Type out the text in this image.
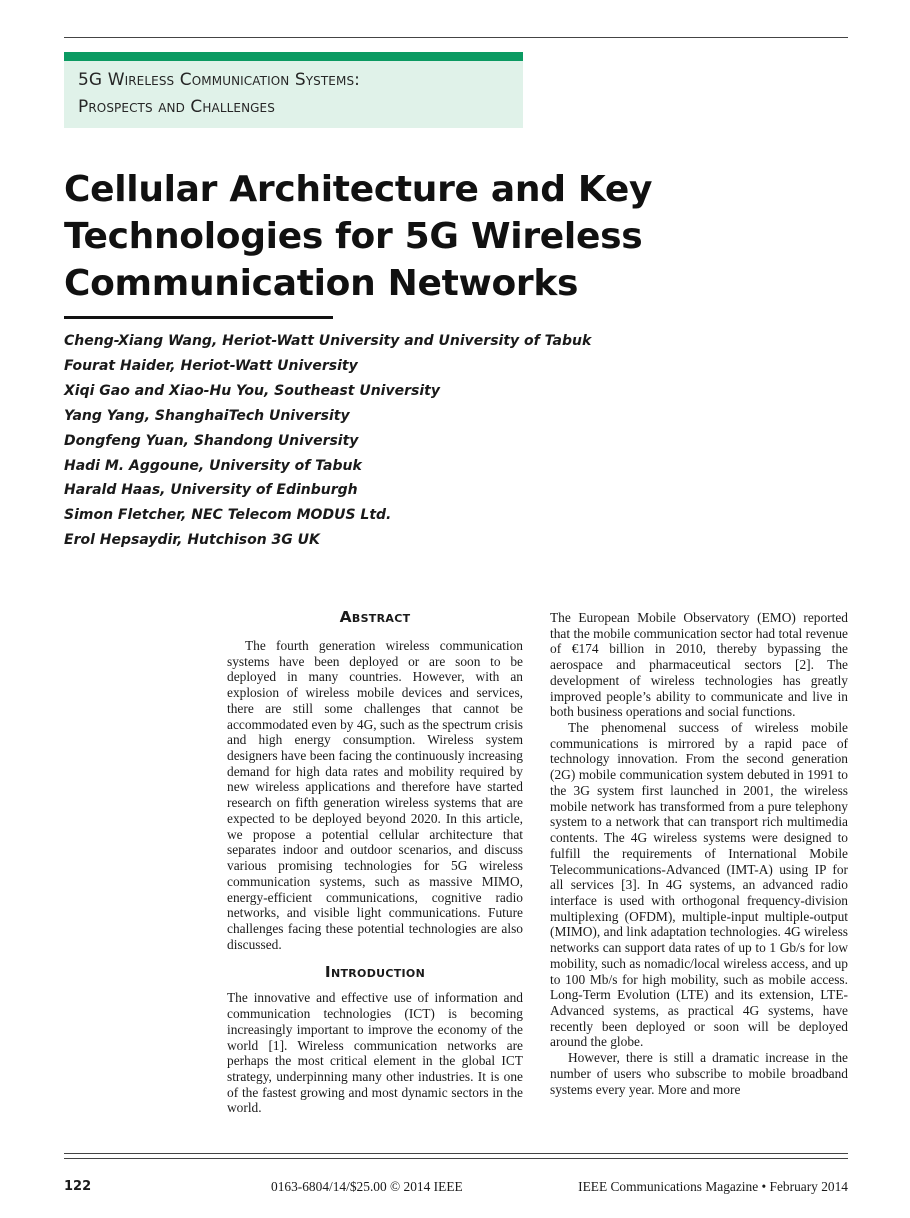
5G Wireless Communication Systems:
Prospects and Challenges
Cellular Architecture and Key
Technologies for 5G Wireless
Communication Networks
Cheng-Xiang Wang, Heriot-Watt University and University of Tabuk
Fourat Haider, Heriot-Watt University
Xiqi Gao and Xiao-Hu You, Southeast University
Yang Yang, ShanghaiTech University
Dongfeng Yuan, Shandong University
Hadi M. Aggoune, University of Tabuk
Harald Haas, University of Edinburgh
Simon Fletcher, NEC Telecom MODUS Ltd.
Erol Hepsaydir, Hutchison 3G UK
Abstract

The fourth generation wireless communication systems have been deployed or are soon to be deployed in many countries. However, with an explosion of wireless mobile devices and services, there are still some challenges that cannot be accommodated even by 4G, such as the spectrum crisis and high energy consumption. Wireless system designers have been facing the continuously increasing demand for high data rates and mobility required by new wireless applications and therefore have started research on fifth generation wireless systems that are expected to be deployed beyond 2020. In this article, we propose a potential cellular architecture that separates indoor and outdoor scenarios, and discuss various promising technologies for 5G wireless communication systems, such as massive MIMO, energy-efficient communications, cognitive radio networks, and visible light communications. Future challenges facing these potential technologies are also discussed.

Introduction

The innovative and effective use of information and communication technologies (ICT) is becoming increasingly important to improve the economy of the world [1]. Wireless communication networks are perhaps the most critical element in the global ICT strategy, underpinning many other industries. It is one of the fastest growing and most dynamic sectors in the world.

The European Mobile Observatory (EMO) reported that the mobile communication sector had total revenue of €174 billion in 2010, thereby bypassing the aerospace and pharmaceutical sectors [2]. The development of wireless technologies has greatly improved people’s ability to communicate and live in both business operations and social functions.

The phenomenal success of wireless mobile communications is mirrored by a rapid pace of technology innovation. From the second generation (2G) mobile communication system debuted in 1991 to the 3G system first launched in 2001, the wireless mobile network has transformed from a pure telephony system to a network that can transport rich multimedia contents. The 4G wireless systems were designed to fulfill the requirements of International Mobile Telecommunications-Advanced (IMT-A) using IP for all services [3]. In 4G systems, an advanced radio interface is used with orthogonal frequency-division multiplexing (OFDM), multiple-input multiple-output (MIMO), and link adaptation technologies. 4G wireless networks can support data rates of up to 1 Gb/s for low mobility, such as nomadic/local wireless access, and up to 100 Mb/s for high mobility, such as mobile access. Long-Term Evolution (LTE) and its extension, LTE-Advanced systems, as practical 4G systems, have recently been deployed or soon will be deployed around the globe.

However, there is still a dramatic increase in the number of users who subscribe to mobile broadband systems every year. More and more

122	0163-6804/14/$25.00 © 2014 IEEE	IEEE Communications Magazine • February 2014
